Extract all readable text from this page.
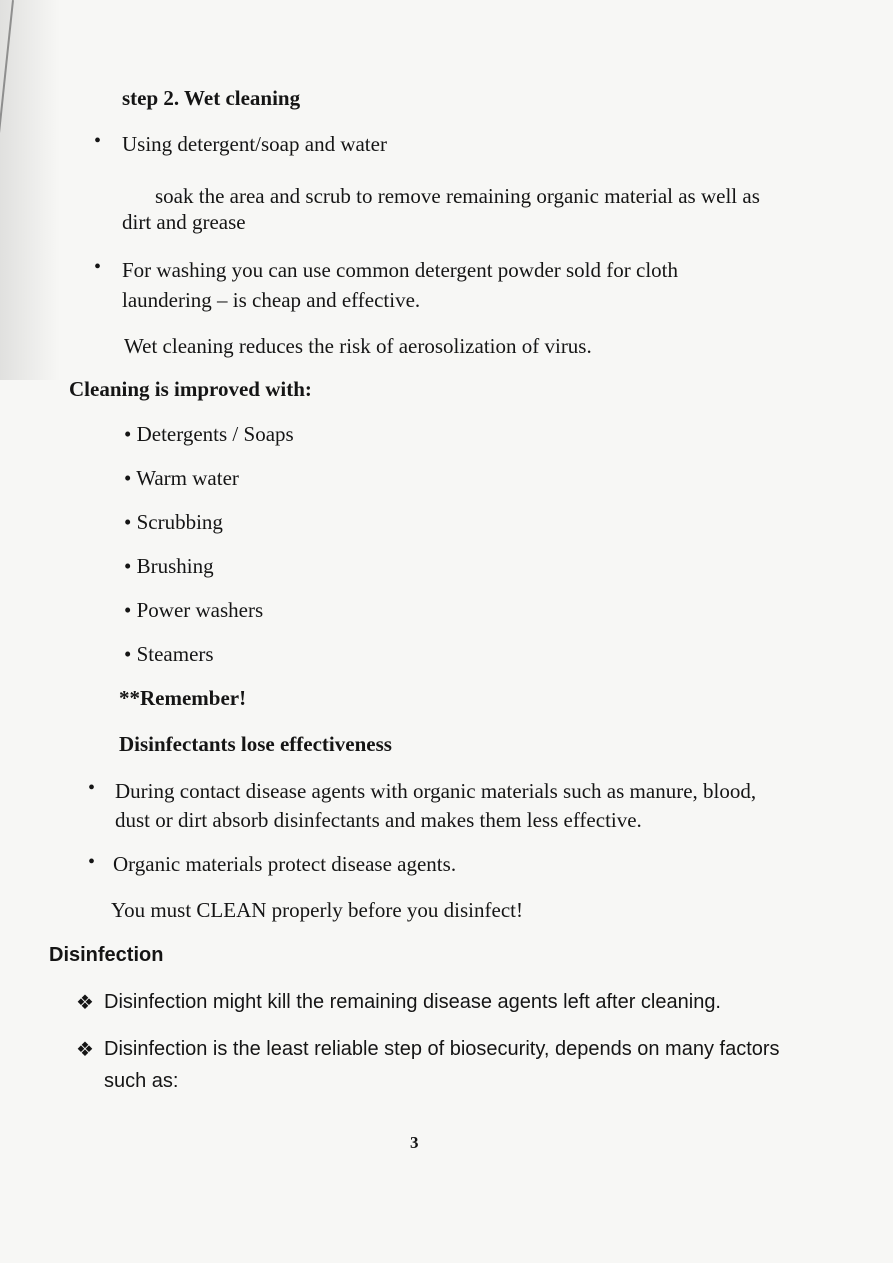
step 2. Wet cleaning
• Using detergent/soap and water
soak the area and scrub to remove remaining organic material as well as
dirt and grease
• For washing you can use common detergent powder sold for cloth
laundering – is cheap and effective.
Wet cleaning reduces the risk of aerosolization of virus.
Cleaning is improved with:
• Detergents / Soaps
• Warm water
• Scrubbing
• Brushing
• Power washers
• Steamers
**Remember!
Disinfectants lose effectiveness
• During contact disease agents with organic materials such as manure, blood,
dust or dirt absorb disinfectants and makes them less effective.
• Organic materials protect disease agents.
You must CLEAN properly before you disinfect!
Disinfection
❖ Disinfection might kill the remaining disease agents left after cleaning.
❖ Disinfection is the least reliable step of biosecurity, depends on many factors
such as:
3
